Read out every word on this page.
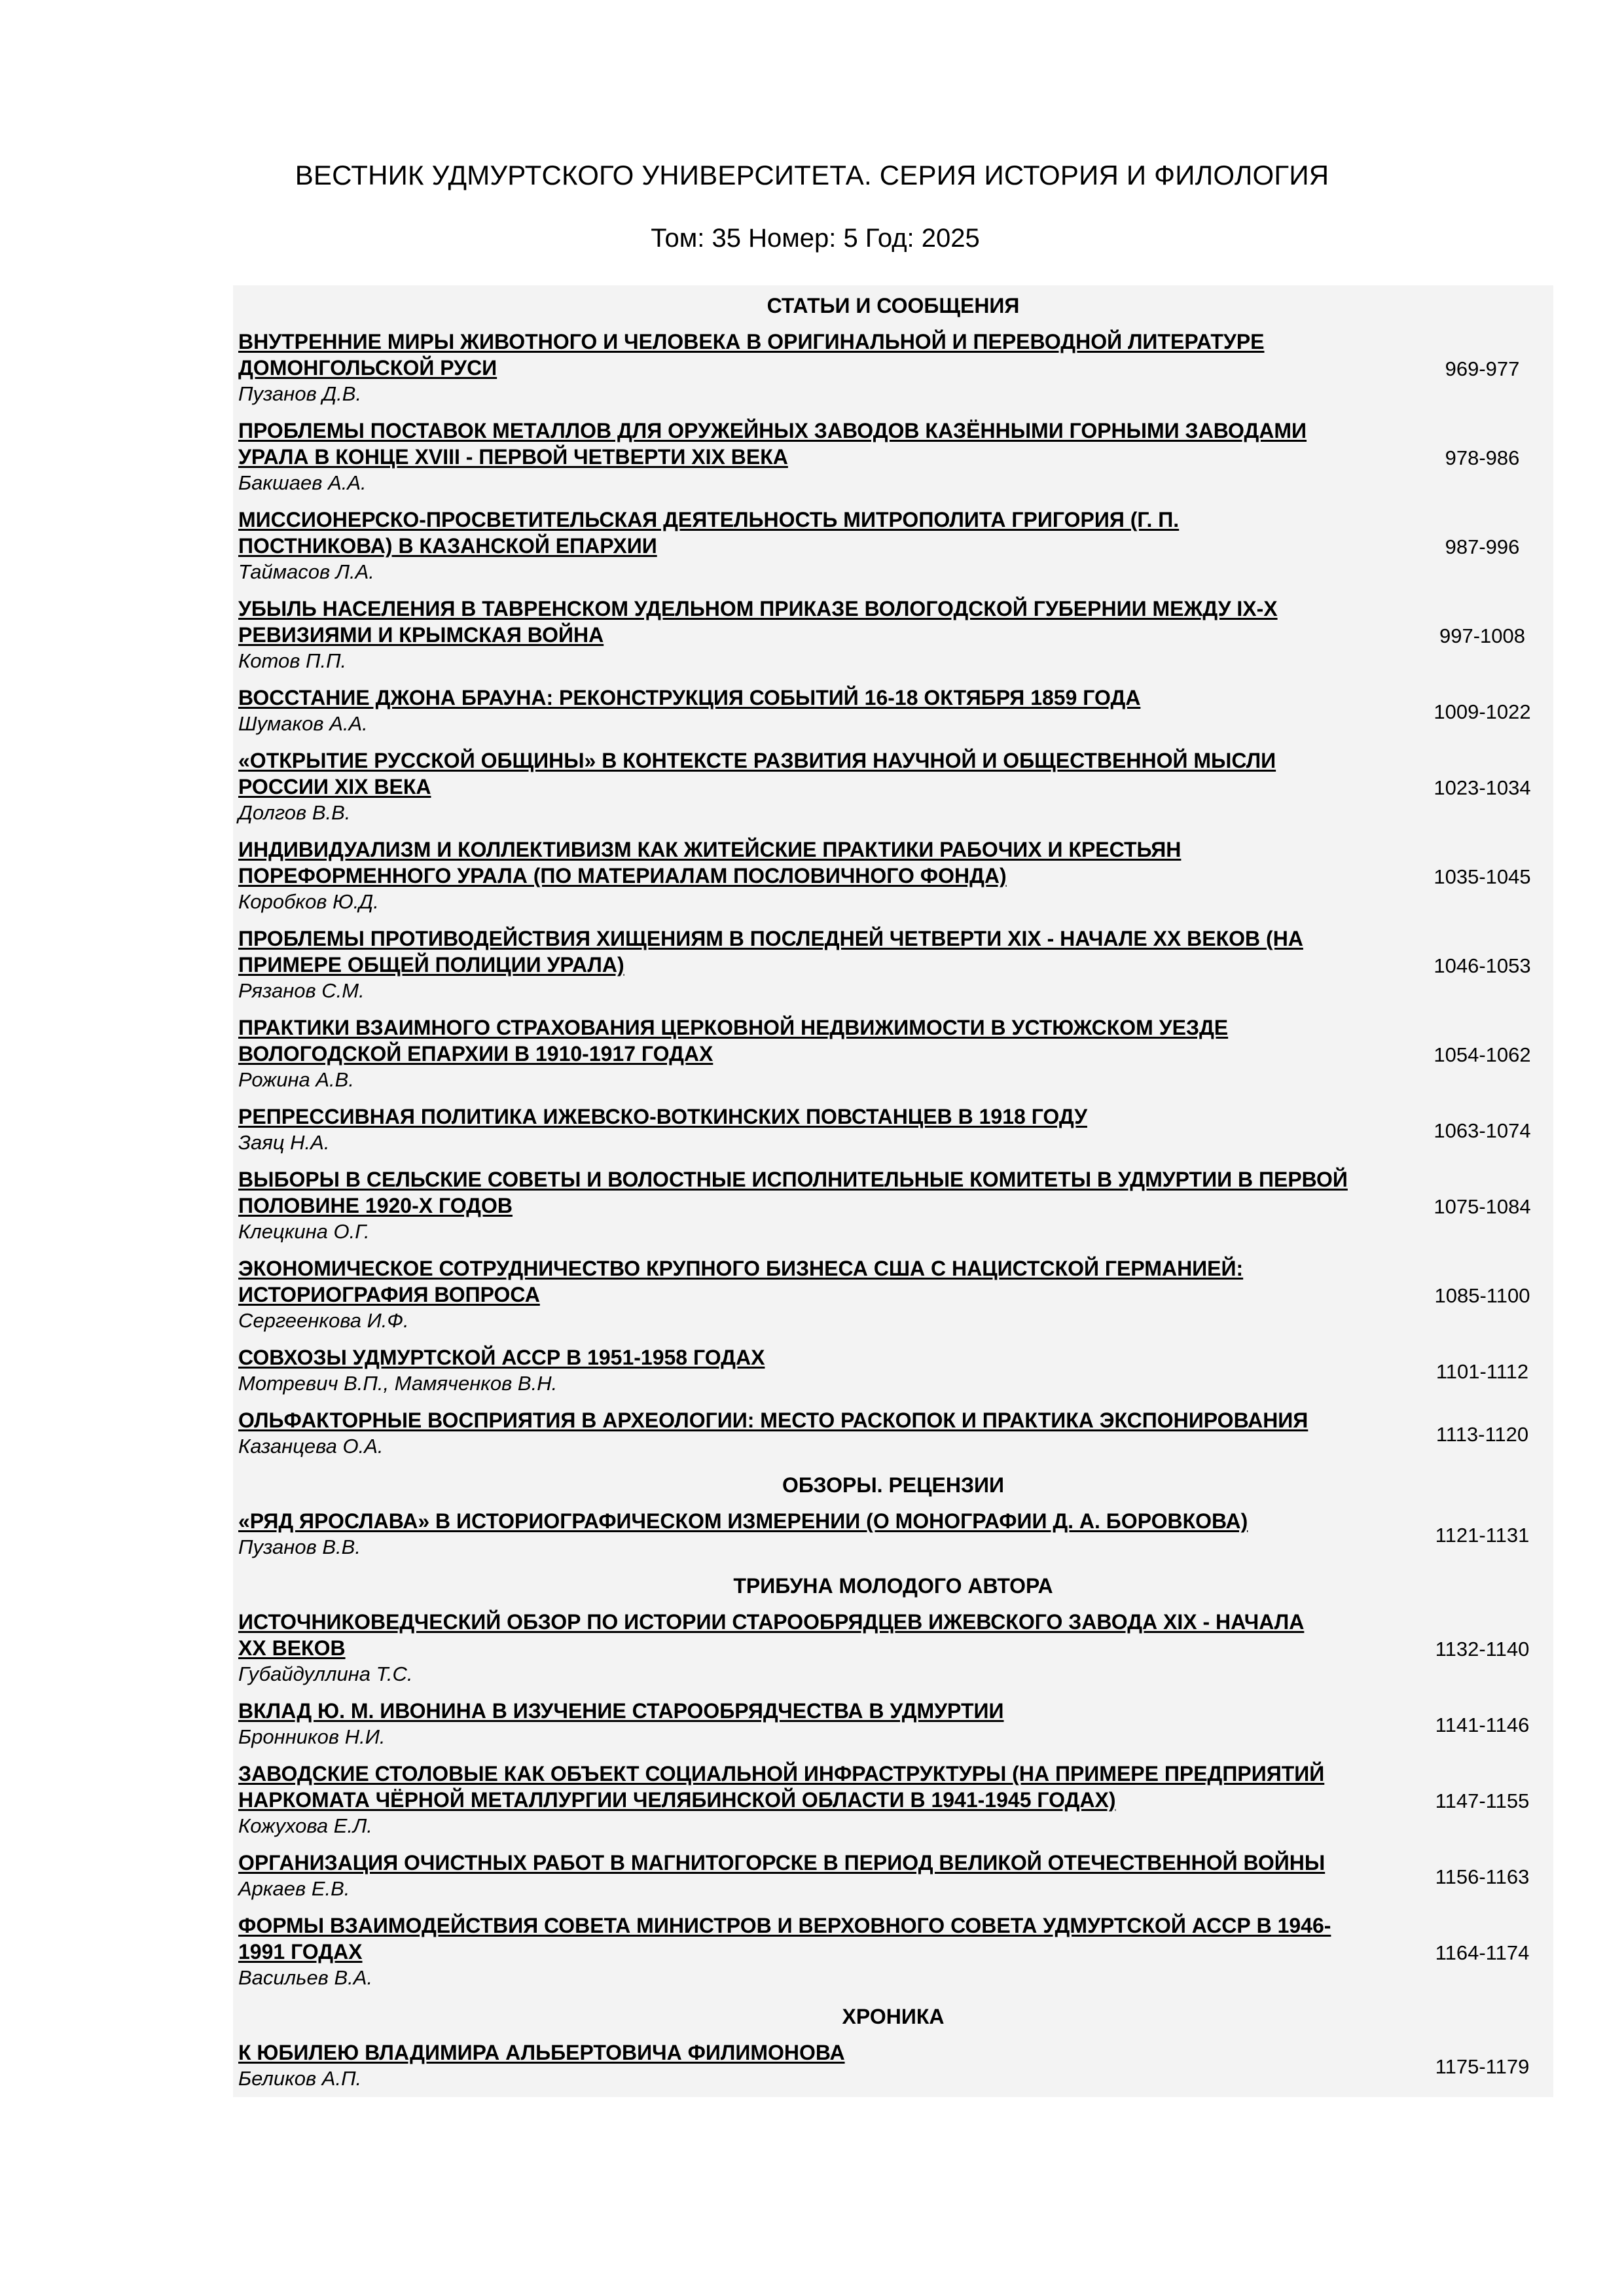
ВЕСТНИК УДМУРТСКОГО УНИВЕРСИТЕТА. СЕРИЯ ИСТОРИЯ И ФИЛОЛОГИЯ
Том: 35 Номер: 5 Год: 2025
СТАТЬИ И СООБЩЕНИЯ
ВНУТРЕННИЕ МИРЫ ЖИВОТНОГО И ЧЕЛОВЕКА В ОРИГИНАЛЬНОЙ И ПЕРЕВОДНОЙ ЛИТЕРАТУРЕ
ДОМОНГОЛЬСКОЙ РУСИ
Пузанов Д.В.
969-977
ПРОБЛЕМЫ ПОСТАВОК МЕТАЛЛОВ ДЛЯ ОРУЖЕЙНЫХ ЗАВОДОВ КАЗЁННЫМИ ГОРНЫМИ ЗАВОДАМИ
УРАЛА В КОНЦЕ XVIII - ПЕРВОЙ ЧЕТВЕРТИ XIX ВЕКА
Бакшаев А.А.
978-986
МИССИОНЕРСКО-ПРОСВЕТИТЕЛЬСКАЯ ДЕЯТЕЛЬНОСТЬ МИТРОПОЛИТА ГРИГОРИЯ (Г. П.
ПОСТНИКОВА) В КАЗАНСКОЙ ЕПАРХИИ
Таймасов Л.А.
987-996
УБЫЛЬ НАСЕЛЕНИЯ В ТАВРЕНСКОМ УДЕЛЬНОМ ПРИКАЗЕ ВОЛОГОДСКОЙ ГУБЕРНИИ МЕЖДУ IX-X
РЕВИЗИЯМИ И КРЫМСКАЯ ВОЙНА
Котов П.П.
997-1008
ВОССТАНИЕ ДЖОНА БРАУНА: РЕКОНСТРУКЦИЯ СОБЫТИЙ 16-18 ОКТЯБРЯ 1859 ГОДА
Шумаков А.А.
1009-1022
«ОТКРЫТИЕ РУССКОЙ ОБЩИНЫ» В КОНТЕКСТЕ РАЗВИТИЯ НАУЧНОЙ И ОБЩЕСТВЕННОЙ МЫСЛИ
РОССИИ XIX ВЕКА
Долгов В.В.
1023-1034
ИНДИВИДУАЛИЗМ И КОЛЛЕКТИВИЗМ КАК ЖИТЕЙСКИЕ ПРАКТИКИ РАБОЧИХ И КРЕСТЬЯН
ПОРЕФОРМЕННОГО УРАЛА (ПО МАТЕРИАЛАМ ПОСЛОВИЧНОГО ФОНДА)
Коробков Ю.Д.
1035-1045
ПРОБЛЕМЫ ПРОТИВОДЕЙСТВИЯ ХИЩЕНИЯМ В ПОСЛЕДНЕЙ ЧЕТВЕРТИ XIX - НАЧАЛЕ XX ВЕКОВ (НА
ПРИМЕРЕ ОБЩЕЙ ПОЛИЦИИ УРАЛА)
Рязанов С.М.
1046-1053
ПРАКТИКИ ВЗАИМНОГО СТРАХОВАНИЯ ЦЕРКОВНОЙ НЕДВИЖИМОСТИ В УСТЮЖСКОМ УЕЗДЕ
ВОЛОГОДСКОЙ ЕПАРХИИ В 1910-1917 ГОДАХ
Рожина А.В.
1054-1062
РЕПРЕССИВНАЯ ПОЛИТИКА ИЖЕВСКО-ВОТКИНСКИХ ПОВСТАНЦЕВ В 1918 ГОДУ
Заяц Н.А.
1063-1074
ВЫБОРЫ В СЕЛЬСКИЕ СОВЕТЫ И ВОЛОСТНЫЕ ИСПОЛНИТЕЛЬНЫЕ КОМИТЕТЫ В УДМУРТИИ В ПЕРВОЙ
ПОЛОВИНЕ 1920-Х ГОДОВ
Клецкина О.Г.
1075-1084
ЭКОНОМИЧЕСКОЕ СОТРУДНИЧЕСТВО КРУПНОГО БИЗНЕСА США С НАЦИСТСКОЙ ГЕРМАНИЕЙ:
ИСТОРИОГРАФИЯ ВОПРОСА
Сергеенкова И.Ф.
1085-1100
СОВХОЗЫ УДМУРТСКОЙ АССР В 1951-1958 ГОДАХ
Мотревич В.П., Мамяченков В.Н.
1101-1112
ОЛЬФАКТОРНЫЕ ВОСПРИЯТИЯ В АРХЕОЛОГИИ: МЕСТО РАСКОПОК И ПРАКТИКА ЭКСПОНИРОВАНИЯ
Казанцева О.А.
1113-1120
ОБЗОРЫ. РЕЦЕНЗИИ
«РЯД ЯРОСЛАВА» В ИСТОРИОГРАФИЧЕСКОМ ИЗМЕРЕНИИ (О МОНОГРАФИИ Д. А. БОРОВКОВА)
Пузанов В.В.
1121-1131
ТРИБУНА МОЛОДОГО АВТОРА
ИСТОЧНИКОВЕДЧЕСКИЙ ОБЗОР ПО ИСТОРИИ СТАРООБРЯДЦЕВ ИЖЕВСКОГО ЗАВОДА XIX - НАЧАЛА
XX ВЕКОВ
Губайдуллина Т.С.
1132-1140
ВКЛАД Ю. М. ИВОНИНА В ИЗУЧЕНИЕ СТАРООБРЯДЧЕСТВА В УДМУРТИИ
Бронников Н.И.
1141-1146
ЗАВОДСКИЕ СТОЛОВЫЕ КАК ОБЪЕКТ СОЦИАЛЬНОЙ ИНФРАСТРУКТУРЫ (НА ПРИМЕРЕ ПРЕДПРИЯТИЙ
НАРКОМАТА ЧЁРНОЙ МЕТАЛЛУРГИИ ЧЕЛЯБИНСКОЙ ОБЛАСТИ В 1941-1945 ГОДАХ)
Кожухова Е.Л.
1147-1155
ОРГАНИЗАЦИЯ ОЧИСТНЫХ РАБОТ В МАГНИТОГОРСКЕ В ПЕРИОД ВЕЛИКОЙ ОТЕЧЕСТВЕННОЙ ВОЙНЫ
Аркаев Е.В.
1156-1163
ФОРМЫ ВЗАИМОДЕЙСТВИЯ СОВЕТА МИНИСТРОВ И ВЕРХОВНОГО СОВЕТА УДМУРТСКОЙ АССР В 1946-
1991 ГОДАХ
Васильев В.А.
1164-1174
ХРОНИКА
К ЮБИЛЕЮ ВЛАДИМИРА АЛЬБЕРТОВИЧА ФИЛИМОНОВА
Беликов А.П.
1175-1179
